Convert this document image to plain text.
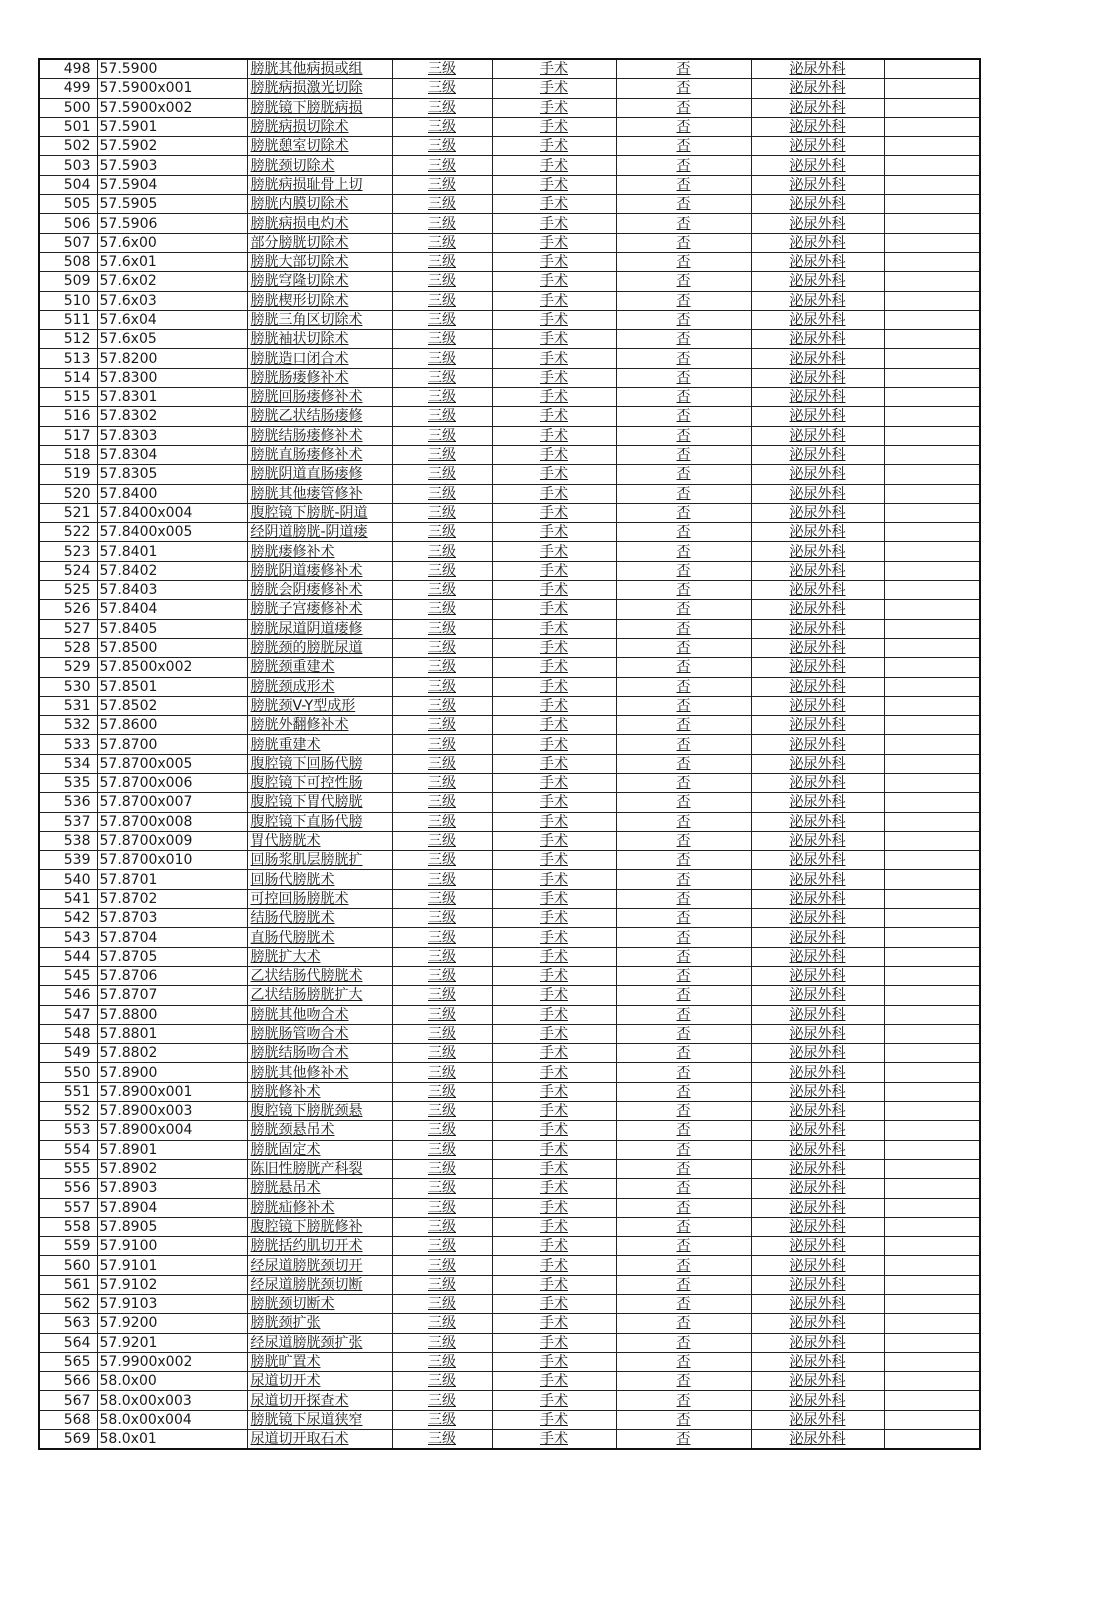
498	57.5900	膀胱其他病损或组	三级	手术	否	泌尿外科	
499	57.5900x001	膀胱病损激光切除	三级	手术	否	泌尿外科	
500	57.5900x002	膀胱镜下膀胱病损	三级	手术	否	泌尿外科	
501	57.5901	膀胱病损切除术	三级	手术	否	泌尿外科	
502	57.5902	膀胱憩室切除术	三级	手术	否	泌尿外科	
503	57.5903	膀胱颈切除术	三级	手术	否	泌尿外科	
504	57.5904	膀胱病损耻骨上切	三级	手术	否	泌尿外科	
505	57.5905	膀胱内膜切除术	三级	手术	否	泌尿外科	
506	57.5906	膀胱病损电灼术	三级	手术	否	泌尿外科	
507	57.6x00	部分膀胱切除术	三级	手术	否	泌尿外科	
508	57.6x01	膀胱大部切除术	三级	手术	否	泌尿外科	
509	57.6x02	膀胱穹隆切除术	三级	手术	否	泌尿外科	
510	57.6x03	膀胱楔形切除术	三级	手术	否	泌尿外科	
511	57.6x04	膀胱三角区切除术	三级	手术	否	泌尿外科	
512	57.6x05	膀胱袖状切除术	三级	手术	否	泌尿外科	
513	57.8200	膀胱造口闭合术	三级	手术	否	泌尿外科	
514	57.8300	膀胱肠瘘修补术	三级	手术	否	泌尿外科	
515	57.8301	膀胱回肠瘘修补术	三级	手术	否	泌尿外科	
516	57.8302	膀胱乙状结肠瘘修	三级	手术	否	泌尿外科	
517	57.8303	膀胱结肠瘘修补术	三级	手术	否	泌尿外科	
518	57.8304	膀胱直肠瘘修补术	三级	手术	否	泌尿外科	
519	57.8305	膀胱阴道直肠瘘修	三级	手术	否	泌尿外科	
520	57.8400	膀胱其他瘘管修补	三级	手术	否	泌尿外科	
521	57.8400x004	腹腔镜下膀胱-阴道	三级	手术	否	泌尿外科	
522	57.8400x005	经阴道膀胱-阴道瘘	三级	手术	否	泌尿外科	
523	57.8401	膀胱瘘修补术	三级	手术	否	泌尿外科	
524	57.8402	膀胱阴道瘘修补术	三级	手术	否	泌尿外科	
525	57.8403	膀胱会阴瘘修补术	三级	手术	否	泌尿外科	
526	57.8404	膀胱子宫瘘修补术	三级	手术	否	泌尿外科	
527	57.8405	膀胱尿道阴道瘘修	三级	手术	否	泌尿外科	
528	57.8500	膀胱颈的膀胱尿道	三级	手术	否	泌尿外科	
529	57.8500x002	膀胱颈重建术	三级	手术	否	泌尿外科	
530	57.8501	膀胱颈成形术	三级	手术	否	泌尿外科	
531	57.8502	膀胱颈V-Y型成形	三级	手术	否	泌尿外科	
532	57.8600	膀胱外翻修补术	三级	手术	否	泌尿外科	
533	57.8700	膀胱重建术	三级	手术	否	泌尿外科	
534	57.8700x005	腹腔镜下回肠代膀	三级	手术	否	泌尿外科	
535	57.8700x006	腹腔镜下可控性肠	三级	手术	否	泌尿外科	
536	57.8700x007	腹腔镜下胃代膀胱	三级	手术	否	泌尿外科	
537	57.8700x008	腹腔镜下直肠代膀	三级	手术	否	泌尿外科	
538	57.8700x009	胃代膀胱术	三级	手术	否	泌尿外科	
539	57.8700x010	回肠浆肌层膀胱扩	三级	手术	否	泌尿外科	
540	57.8701	回肠代膀胱术	三级	手术	否	泌尿外科	
541	57.8702	可控回肠膀胱术	三级	手术	否	泌尿外科	
542	57.8703	结肠代膀胱术	三级	手术	否	泌尿外科	
543	57.8704	直肠代膀胱术	三级	手术	否	泌尿外科	
544	57.8705	膀胱扩大术	三级	手术	否	泌尿外科	
545	57.8706	乙状结肠代膀胱术	三级	手术	否	泌尿外科	
546	57.8707	乙状结肠膀胱扩大	三级	手术	否	泌尿外科	
547	57.8800	膀胱其他吻合术	三级	手术	否	泌尿外科	
548	57.8801	膀胱肠管吻合术	三级	手术	否	泌尿外科	
549	57.8802	膀胱结肠吻合术	三级	手术	否	泌尿外科	
550	57.8900	膀胱其他修补术	三级	手术	否	泌尿外科	
551	57.8900x001	膀胱修补术	三级	手术	否	泌尿外科	
552	57.8900x003	腹腔镜下膀胱颈悬	三级	手术	否	泌尿外科	
553	57.8900x004	膀胱颈悬吊术	三级	手术	否	泌尿外科	
554	57.8901	膀胱固定术	三级	手术	否	泌尿外科	
555	57.8902	陈旧性膀胱产科裂	三级	手术	否	泌尿外科	
556	57.8903	膀胱悬吊术	三级	手术	否	泌尿外科	
557	57.8904	膀胱疝修补术	三级	手术	否	泌尿外科	
558	57.8905	腹腔镜下膀胱修补	三级	手术	否	泌尿外科	
559	57.9100	膀胱括约肌切开术	三级	手术	否	泌尿外科	
560	57.9101	经尿道膀胱颈切开	三级	手术	否	泌尿外科	
561	57.9102	经尿道膀胱颈切断	三级	手术	否	泌尿外科	
562	57.9103	膀胱颈切断术	三级	手术	否	泌尿外科	
563	57.9200	膀胱颈扩张	三级	手术	否	泌尿外科	
564	57.9201	经尿道膀胱颈扩张	三级	手术	否	泌尿外科	
565	57.9900x002	膀胱旷置术	三级	手术	否	泌尿外科	
566	58.0x00	尿道切开术	三级	手术	否	泌尿外科	
567	58.0x00x003	尿道切开探查术	三级	手术	否	泌尿外科	
568	58.0x00x004	膀胱镜下尿道狭窄	三级	手术	否	泌尿外科	
569	58.0x01	尿道切开取石术	三级	手术	否	泌尿外科	
